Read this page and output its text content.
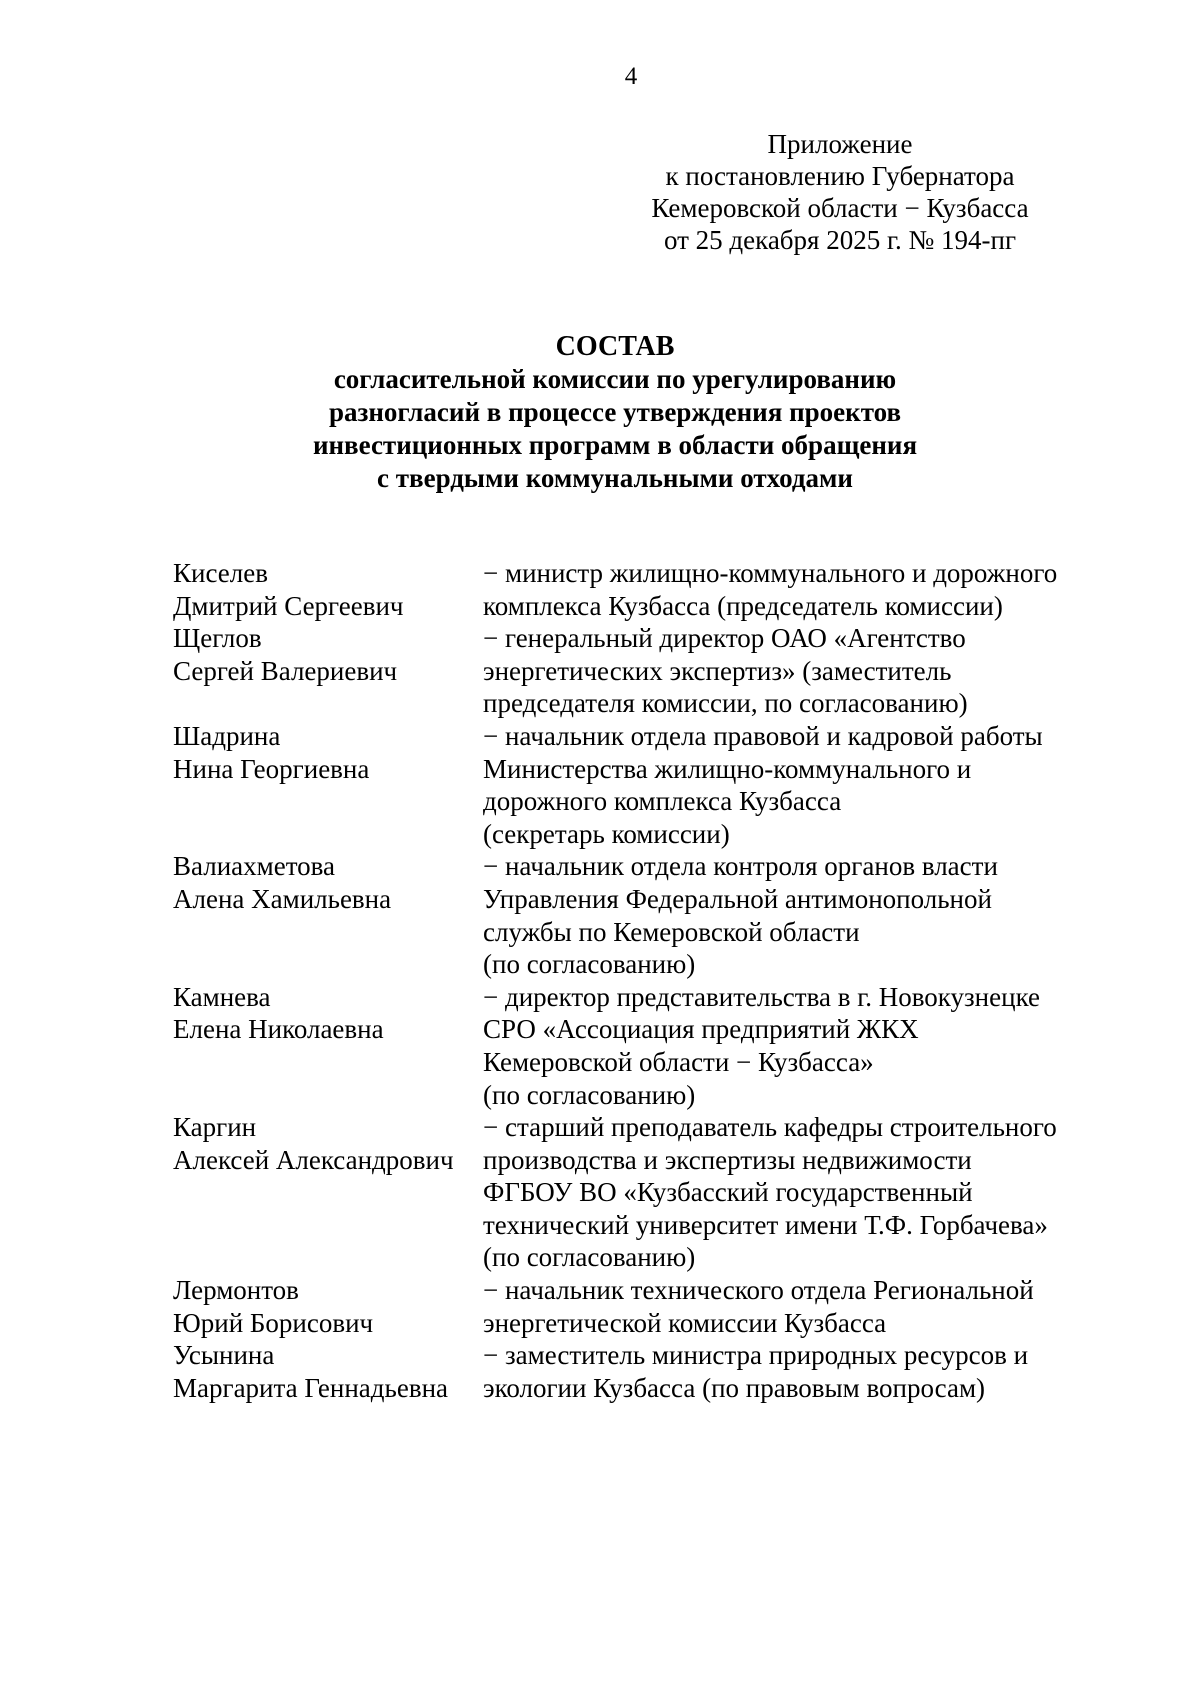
4
Приложение
к постановлению Губернатора
Кемеровской области − Кузбасса
от 25 декабря 2025 г. № 194-пг
СОСТАВ
согласительной комиссии по урегулированию
разногласий в процессе утверждения проектов
инвестиционных программ в области обращения
с твердыми коммунальными отходами
Киселев
Дмитрий Сергеевич
− министр жилищно-коммунального и дорожного
комплекса Кузбасса (председатель комиссии)
Щеглов
Сергей Валериевич
− генеральный директор ОАО «Агентство
энергетических экспертиз» (заместитель
председателя комиссии, по согласованию)
Шадрина
Нина Георгиевна
− начальник отдела правовой и кадровой работы
Министерства жилищно-коммунального и
дорожного комплекса Кузбасса
(секретарь комиссии)
Валиахметова
Алена Хамильевна
− начальник отдела контроля органов власти
Управления Федеральной антимонопольной
службы по Кемеровской области
(по согласованию)
Камнева
Елена Николаевна
− директор представительства в г. Новокузнецке
СРО «Ассоциация предприятий ЖКХ
Кемеровской области − Кузбасса»
(по согласованию)
Каргин
Алексей Александрович
− старший преподаватель кафедры строительного
производства и экспертизы недвижимости
ФГБОУ ВО «Кузбасский государственный
технический университет имени Т.Ф. Горбачева»
(по согласованию)
Лермонтов
Юрий Борисович
− начальник технического отдела Региональной
энергетической комиссии Кузбасса
Усынина
Маргарита Геннадьевна
− заместитель министра природных ресурсов и
экологии Кузбасса (по правовым вопросам)
